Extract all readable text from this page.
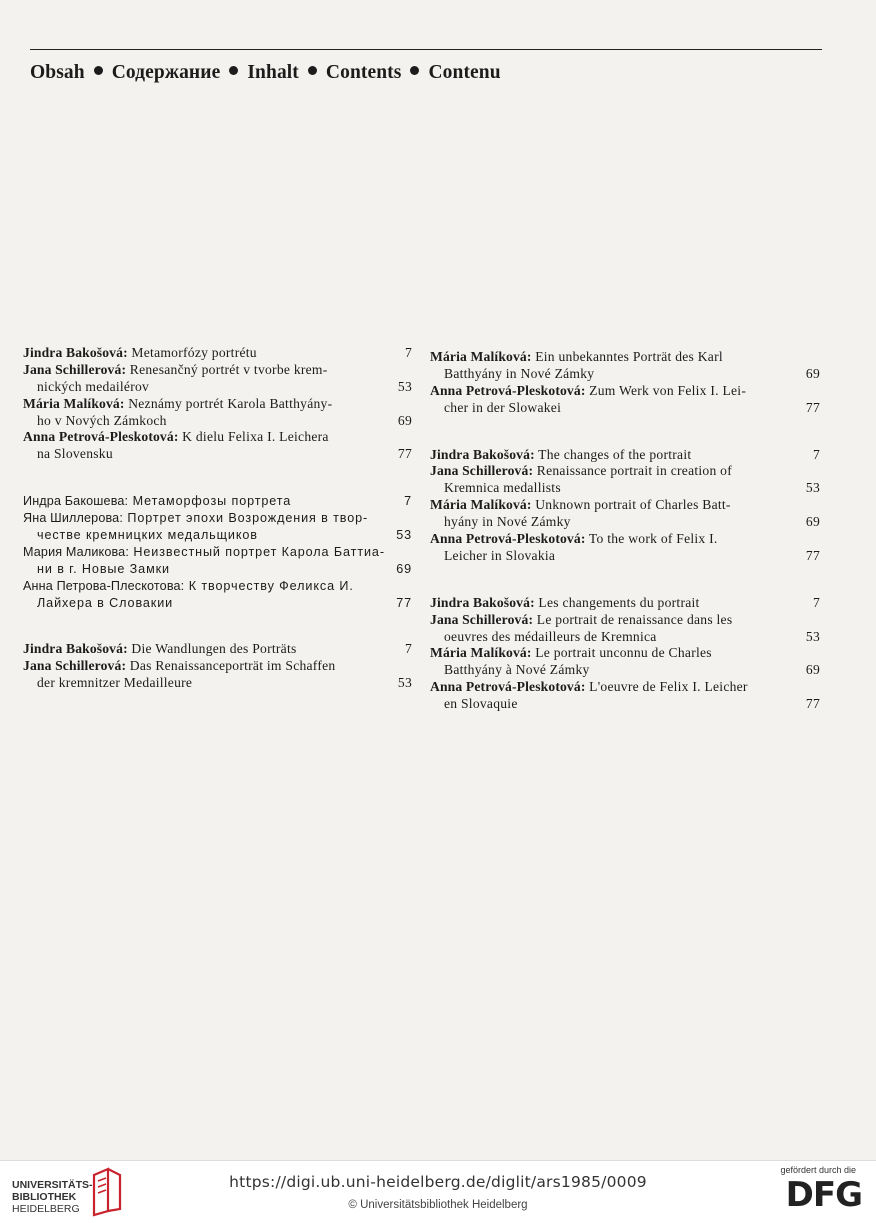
Obsah Содержание Inhalt Contents Contenu
Jindra Bakošová: Metamorfózy portrétu	7
Jana Schillerová: Renesančný portrét v tvorbe krem-
nických medailérov	53
Mária Malíková: Neznámy portrét Karola Batthyány-
ho v Nových Zámkoch	69
Anna Petrová-Pleskotová: K dielu Felixa I. Leichera
na Slovensku	77
Индра Бакошева: Метаморфозы портрета	7
Яна Шиллерова: Портрет эпохи Возрождения в твор-
честве кремницких медальщиков	53
Мария Маликова: Неизвестный портрет Карола Баттиа-
ни в г. Новые Замки	69
Анна Петрова-Плескотова: К творчеству Феликса И.
Лайхера в Словакии	77
Jindra Bakošová: Die Wandlungen des Porträts	7
Jana Schillerová: Das Renaissanceporträt im Schaffen
der kremnitzer Medailleure	53
Mária Malíková: Ein unbekanntes Porträt des Karl
Batthyány in Nové Zámky	69
Anna Petrová-Pleskotová: Zum Werk von Felix I. Lei-
cher in der Slowakei	77
Jindra Bakošová: The changes of the portrait	7
Jana Schillerová: Renaissance portrait in creation of
Kremnica medallists	53
Mária Malíková: Unknown portrait of Charles Batt-
hyány in Nové Zámky	69
Anna Petrová-Pleskotová: To the work of Felix I.
Leicher in Slovakia	77
Jindra Bakošová: Les changements du portrait	7
Jana Schillerová: Le portrait de renaissance dans les
oeuvres des médailleurs de Kremnica	53
Mária Malíková: Le portrait unconnu de Charles
Batthyány à Nové Zámky	69
Anna Petrová-Pleskotová: L'oeuvre de Felix I. Leicher
en Slovaquie	77
UNIVERSITÄTS-
BIBLIOTHEK
HEIDELBERG
https://digi.ub.uni-heidelberg.de/diglit/ars1985/0009
© Universitätsbibliothek Heidelberg
gefördert durch die
DFG
